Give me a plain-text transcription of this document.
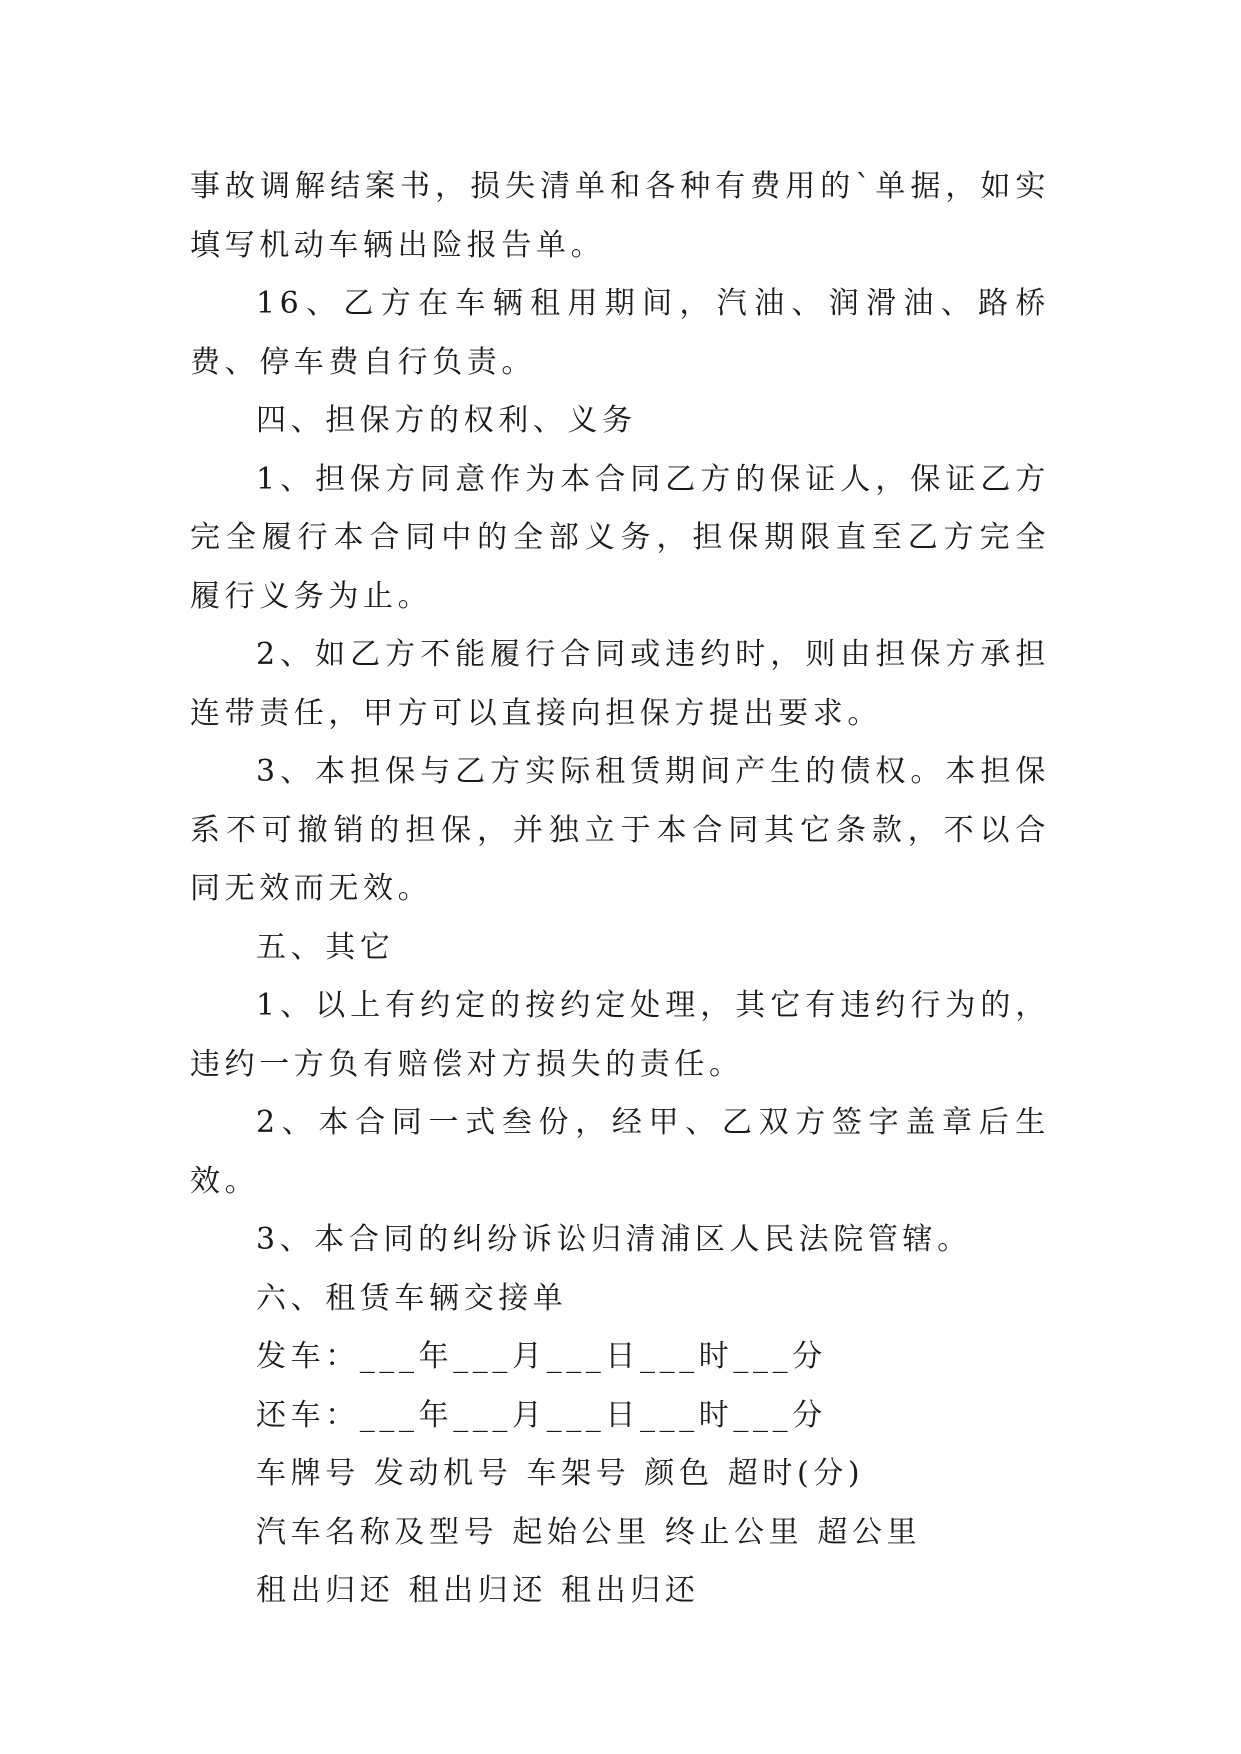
事故调解结案书，损失清单和各种有费用的`单据，如实填写机动车辆出险报告单。

16、乙方在车辆租用期间，汽油、润滑油、路桥费、停车费自行负责。

四、担保方的权利、义务

1、担保方同意作为本合同乙方的保证人，保证乙方完全履行本合同中的全部义务，担保期限直至乙方完全履行义务为止。

2、如乙方不能履行合同或违约时，则由担保方承担连带责任，甲方可以直接向担保方提出要求。

3、本担保与乙方实际租赁期间产生的债权。本担保系不可撤销的担保，并独立于本合同其它条款，不以合同无效而无效。

五、其它

1、以上有约定的按约定处理，其它有违约行为的，违约一方负有赔偿对方损失的责任。

2、本合同一式叁份，经甲、乙双方签字盖章后生效。

3、本合同的纠纷诉讼归清浦区人民法院管辖。

六、租赁车辆交接单

发车：___年___月___日___时___分

还车：___年___月___日___时___分

车牌号 发动机号 车架号 颜色 超时(分)

汽车名称及型号 起始公里 终止公里 超公里

租出归还 租出归还 租出归还
